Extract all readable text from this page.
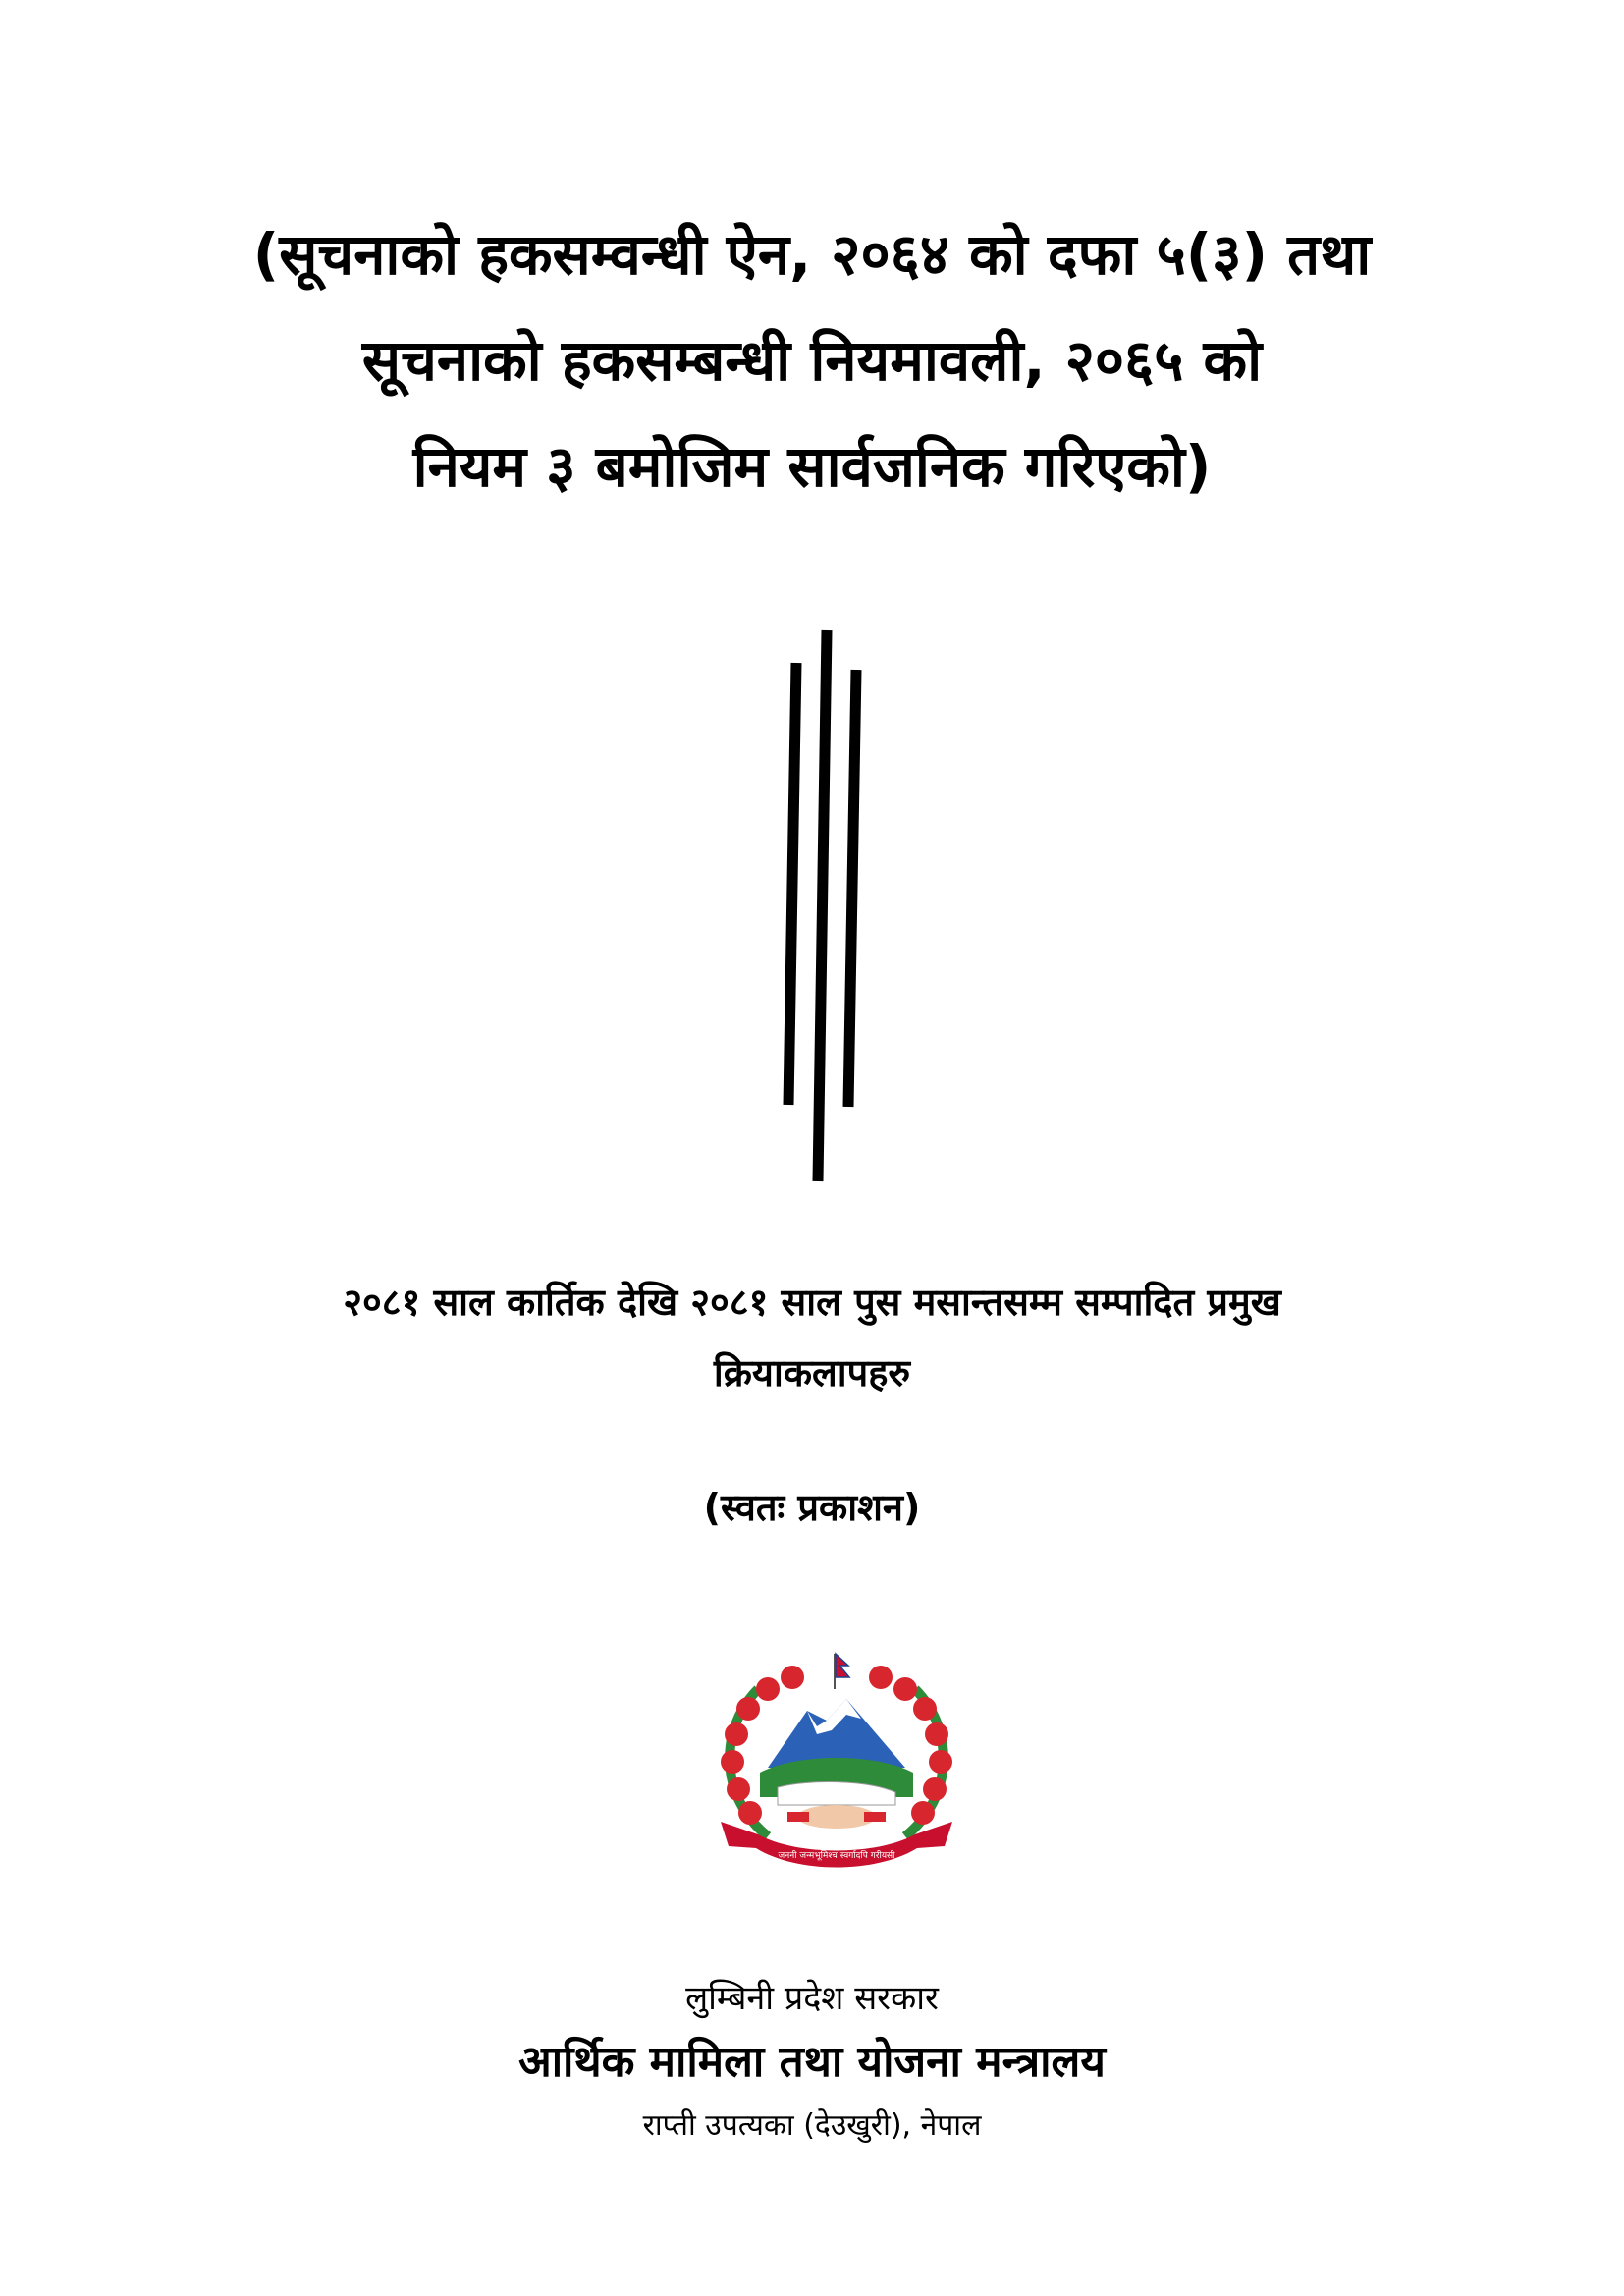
(सूचनाको हकसम्वन्धी ऐन, २०६४ को दफा ५(३) तथा
सूचनाको हकसम्बन्धी नियमावली, २०६५ को
नियम ३ बमोजिम सार्वजनिक गरिएको)
२०८१ साल कार्तिक देखि २०८१ साल पुस मसान्तसम्म सम्पादित प्रमुख
क्रियाकलापहरु
(स्वतः प्रकाशन)
जननी जन्मभूमिश्च स्वर्गादपि गरीयसी
लुम्बिनी प्रदेश सरकार
आर्थिक मामिला तथा योजना मन्त्रालय
राप्ती उपत्यका (देउखुरी), नेपाल
